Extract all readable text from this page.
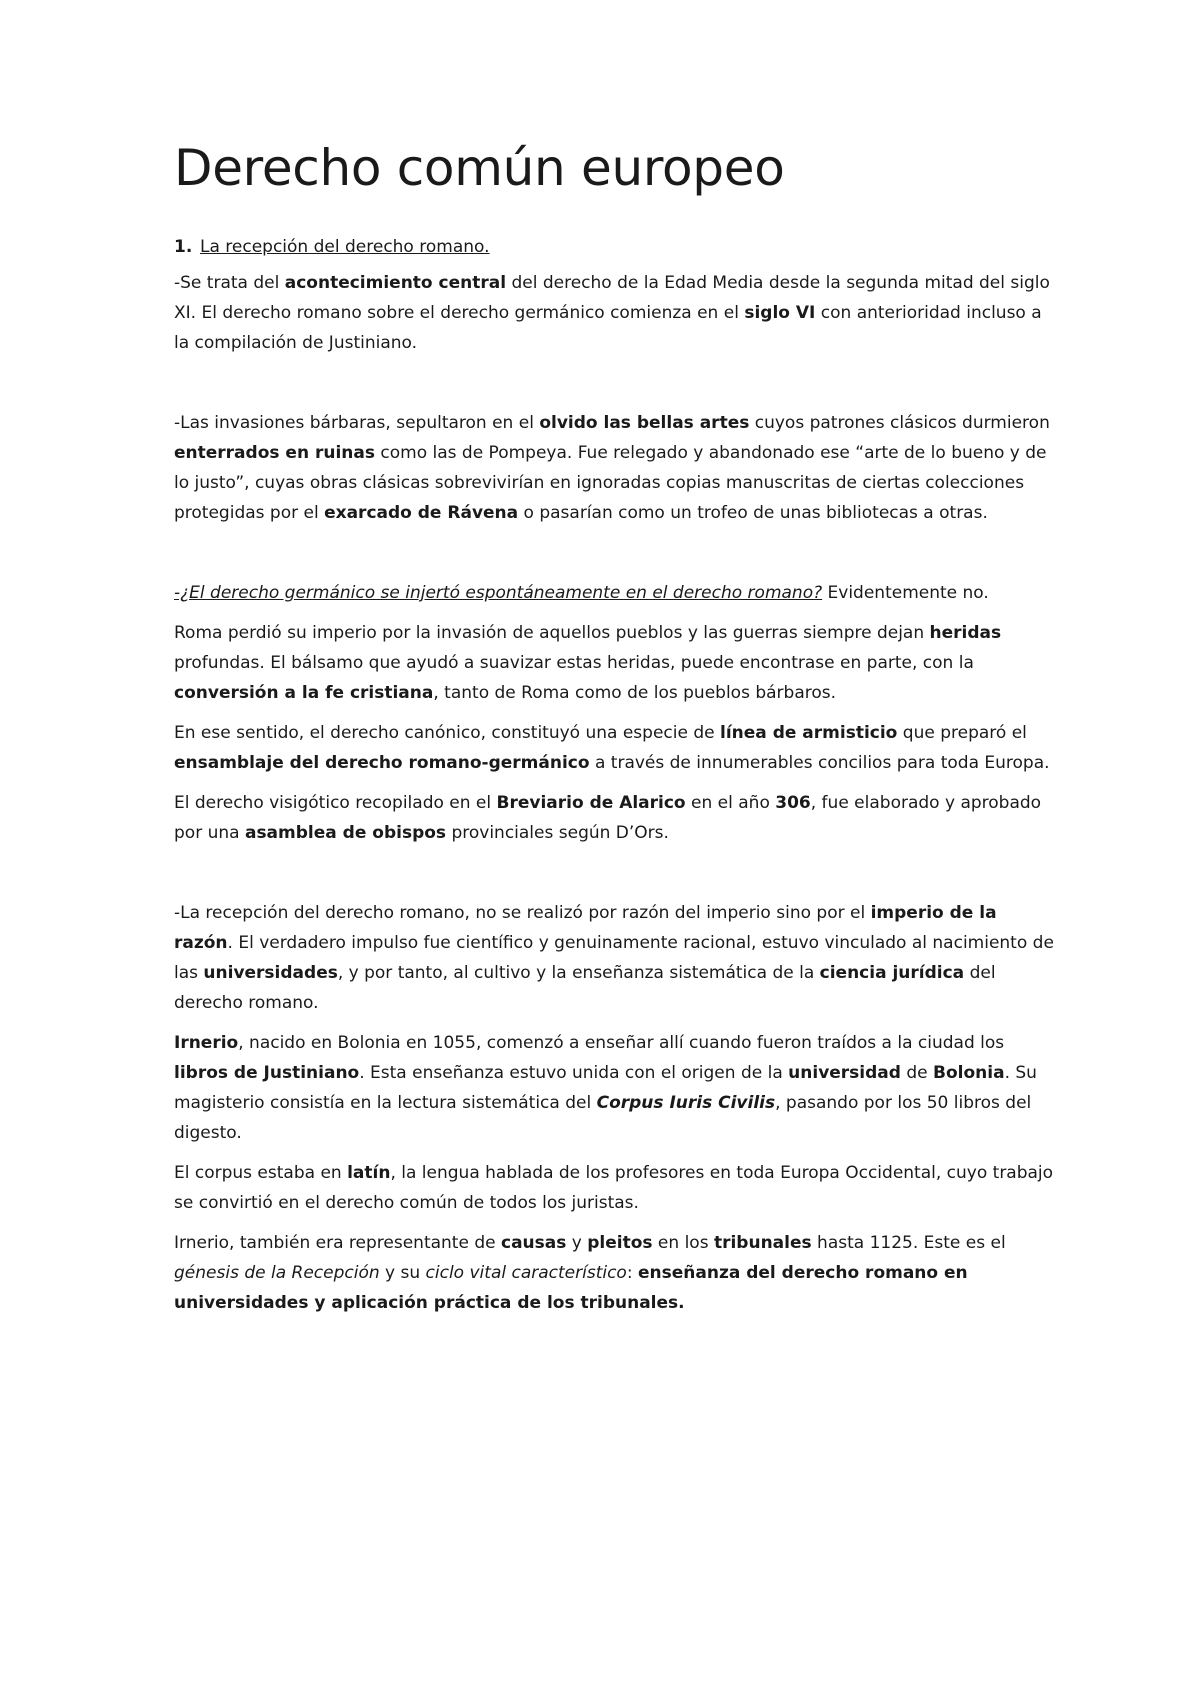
Derecho común europeo
1. La recepción del derecho romano.

-Se trata del acontecimiento central del derecho de la Edad Media desde la segunda mitad del siglo XI. El derecho romano sobre el derecho germánico comienza en el siglo VI con anterioridad incluso a la compilación de Justiniano.

-Las invasiones bárbaras, sepultaron en el olvido las bellas artes cuyos patrones clásicos durmieron enterrados en ruinas como las de Pompeya. Fue relegado y abandonado ese “arte de lo bueno y de lo justo”, cuyas obras clásicas sobrevivirían en ignoradas copias manuscritas de ciertas colecciones protegidas por el exarcado de Rávena o pasarían como un trofeo de unas bibliotecas a otras.

-¿El derecho germánico se injertó espontáneamente en el derecho romano? Evidentemente no.

Roma perdió su imperio por la invasión de aquellos pueblos y las guerras siempre dejan heridas profundas. El bálsamo que ayudó a suavizar estas heridas, puede encontrase en parte, con la conversión a la fe cristiana, tanto de Roma como de los pueblos bárbaros.

En ese sentido, el derecho canónico, constituyó una especie de línea de armisticio que preparó el ensamblaje del derecho romano-germánico a través de innumerables concilios para toda Europa.

El derecho visigótico recopilado en el Breviario de Alarico en el año 306, fue elaborado y aprobado por una asamblea de obispos provinciales según D’Ors.

-La recepción del derecho romano, no se realizó por razón del imperio sino por el imperio de la razón. El verdadero impulso fue científico y genuinamente racional, estuvo vinculado al nacimiento de las universidades, y por tanto, al cultivo y la enseñanza sistemática de la ciencia jurídica del derecho romano.

Irnerio, nacido en Bolonia en 1055, comenzó a enseñar allí cuando fueron traídos a la ciudad los libros de Justiniano. Esta enseñanza estuvo unida con el origen de la universidad de Bolonia. Su magisterio consistía en la lectura sistemática del Corpus Iuris Civilis, pasando por los 50 libros del digesto.

El corpus estaba en latín, la lengua hablada de los profesores en toda Europa Occidental, cuyo trabajo se convirtió en el derecho común de todos los juristas.

Irnerio, también era representante de causas y pleitos en los tribunales hasta 1125. Este es el génesis de la Recepción y su ciclo vital característico: enseñanza del derecho romano en universidades y aplicación práctica de los tribunales.
